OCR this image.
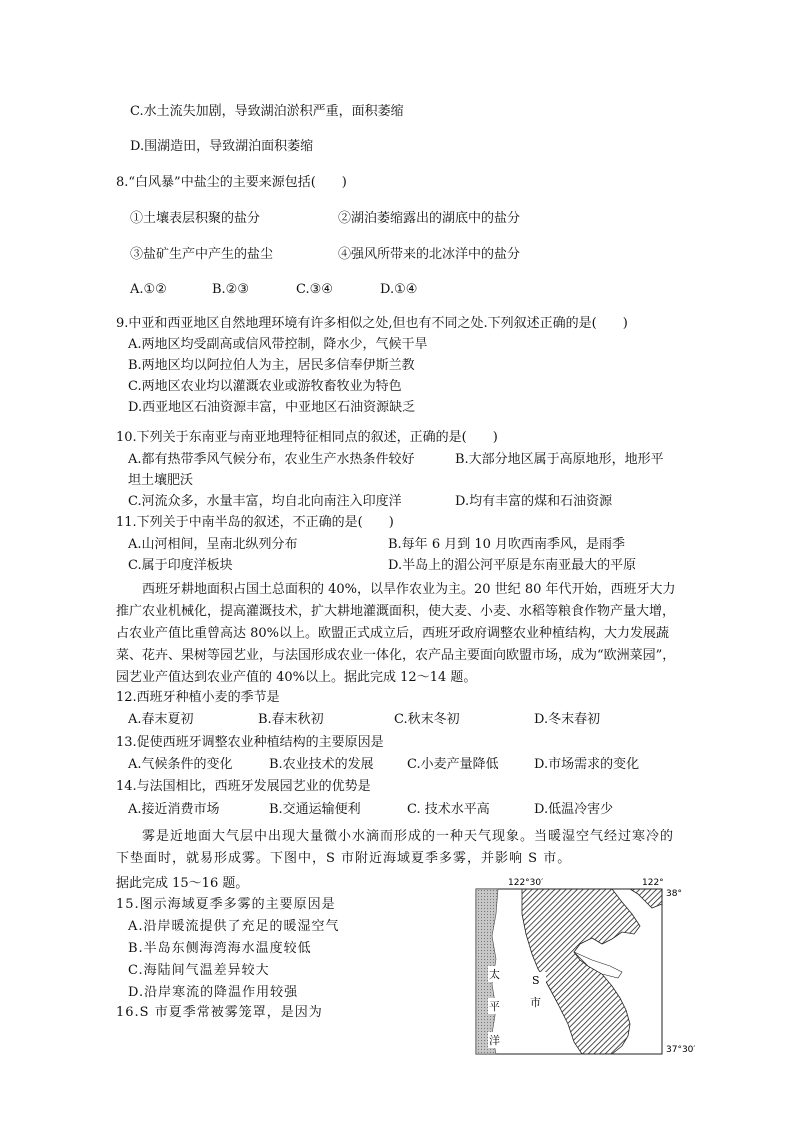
C.水土流失加剧，导致湖泊淤积严重，面积萎缩
D.围湖造田，导致湖泊面积萎缩
8.“白风暴”中盐尘的主要来源包括(　　)
①土壤表层积聚的盐分	②湖泊萎缩露出的湖底中的盐分
③盐矿生产中产生的盐尘	④强风所带来的北冰洋中的盐分
A.①②	B.②③	C.③④	D.①④
9.中亚和西亚地区自然地理环境有许多相似之处,但也有不同之处.下列叙述正确的是(　　)
A.两地区均受副高或信风带控制，降水少，气候干旱
B.两地区均以阿拉伯人为主，居民多信奉伊斯兰教
C.两地区农业均以灌溉农业或游牧畜牧业为特色
D.西亚地区石油资源丰富，中亚地区石油资源缺乏
10.下列关于东南亚与南亚地理特征相同点的叙述，正确的是(　　)
A.都有热带季风气候分布，农业生产水热条件较好	B.大部分地区属于高原地形，地形平
坦土壤肥沃
C.河流众多，水量丰富，均自北向南注入印度洋	D.均有丰富的煤和石油资源
11.下列关于中南半岛的叙述，不正确的是(　　)
A.山河相间，呈南北纵列分布	B.每年 6 月到 10 月吹西南季风，是雨季
C.属于印度洋板块	D.半岛上的湄公河平原是东南亚最大的平原
西班牙耕地面积占国土总面积的 40%，以旱作农业为主。20 世纪 80 年代开始，西班牙大力推广农业机械化，提高灌溉技术，扩大耕地灌溉面积，使大麦、小麦、水稻等粮食作物产量大增，占农业产值比重曾高达 80%以上。欧盟正式成立后，西班牙政府调整农业种植结构，大力发展蔬菜、花卉、果树等园艺业，与法国形成农业一体化，农产品主要面向欧盟市场，成为“欧洲菜园”，园艺业产值达到农业产值的 40%以上。据此完成 12～14 题。
12.西班牙种植小麦的季节是
A.春末夏初	B.春末秋初	C.秋末冬初	D.冬末春初
13.促使西班牙调整农业种植结构的主要原因是
A.气候条件的变化	B.农业技术的发展	C.小麦产量降低	D.市场需求的变化
14.与法国相比，西班牙发展园艺业的优势是
A.接近消费市场	B.交通运输便利	C. 技术水平高	D.低温冷害少
雾是近地面大气层中出现大量微小水滴而形成的一种天气现象。当暖湿空气经过寒冷的下垫面时，就易形成雾。下图中，S 市附近海域夏季多雾，并影响 S 市。
据此完成 15～16 题。
15.图示海域夏季多雾的主要原因是
A.沿岸暖流提供了充足的暖湿空气
B.半岛东侧海湾海水温度较低
C.海陆间气温差异较大
D.沿岸寒流的降温作用较强
16.S 市夏季常被雾笼罩，是因为
122°30′	122°
太
平
洋
S
市
38°
37°30′
